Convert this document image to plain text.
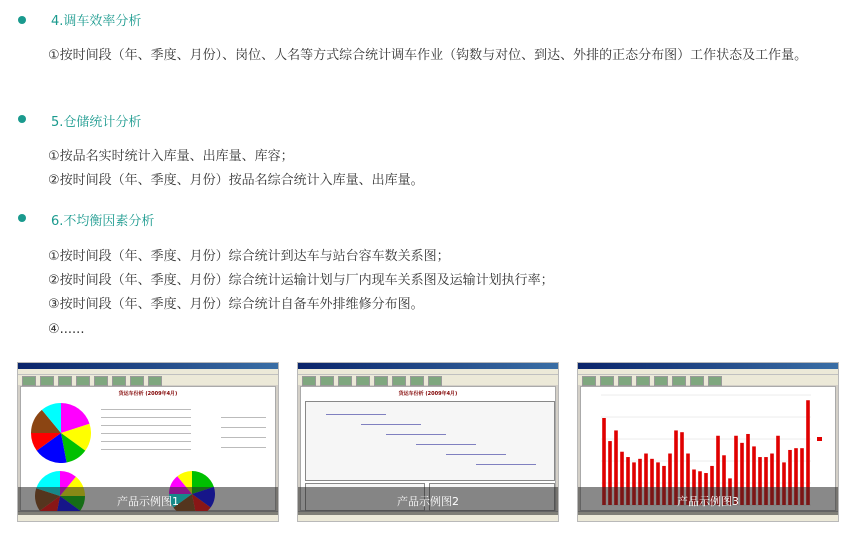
4.调车效率分析
①按时间段（年、季度、月份）、岗位、人名等方式综合统计调车作业（钩数与对位、到达、外排的正态分布图）工作状态及工作量。
5.仓储统计分析
①按品名实时统计入库量、出库量、库容；
②按时间段（年、季度、月份）按品名综合统计入库量、出库量。
6.不均衡因素分析
①按时间段（年、季度、月份）综合统计到达车与站台容车数关系图；
②按时间段（年、季度、月份）综合统计运输计划与厂内现车关系图及运输计划执行率；
③按时间段（年、季度、月份）综合统计自备车外排维修分布图。
④......
货运车份析 (2009年4月)
产品示例图1
货运车份析 (2009年4月)
产品示例图2	产品示例图3
